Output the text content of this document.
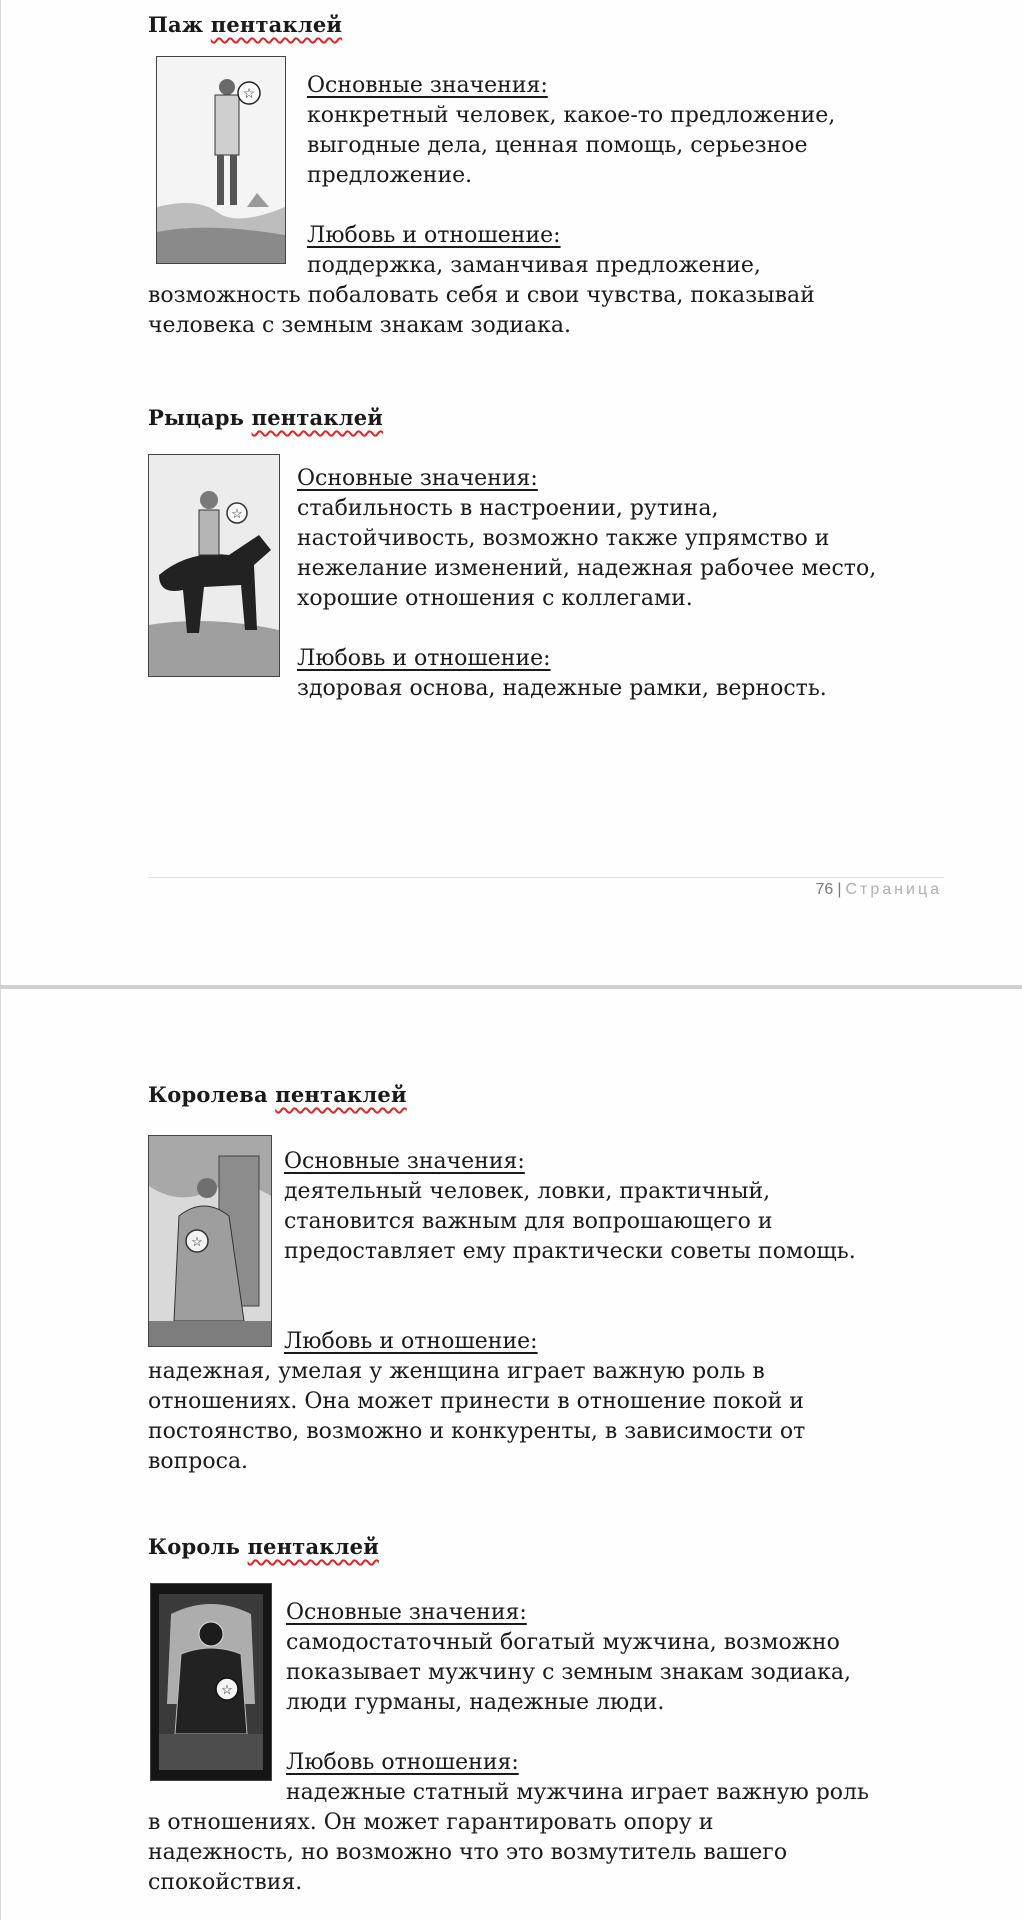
Паж пентаклей
☆ Основные значения:
конкретный человек, какое-то предложение,
выгодные дела, ценная помощь, серьезное
предложение.
Любовь и отношение:
поддержка, заманчивая предложение,
возможность побаловать себя и свои чувства, показывай
человека с земным знакам зодиака.
Рыцарь пентаклей
☆
Основные значения:
стабильность в настроении, рутина,
настойчивость, возможно также упрямство и
нежелание изменений, надежная рабочее место,
хорошие отношения с коллегами.
Любовь и отношение:
здоровая основа, надежные рамки, верность.
76 | Страница
Королева пентаклей
☆
Основные значения:
деятельный человек, ловки, практичный,
становится важным для вопрошающего и
предоставляет ему практически советы помощь.
Любовь и отношение:
надежная, умелая у женщина играет важную роль в
отношениях. Она может принести в отношение покой и
постоянство, возможно и конкуренты, в зависимости от
вопроса.
Король пентаклей
☆
Основные значения:
самодостаточный богатый мужчина, возможно
показывает мужчину с земным знакам зодиака,
люди гурманы, надежные люди.
Любовь отношения:
надежные статный мужчина играет важную роль
в отношениях. Он может гарантировать опору и
надежность, но возможно что это возмутитель вашего
спокойствия.
